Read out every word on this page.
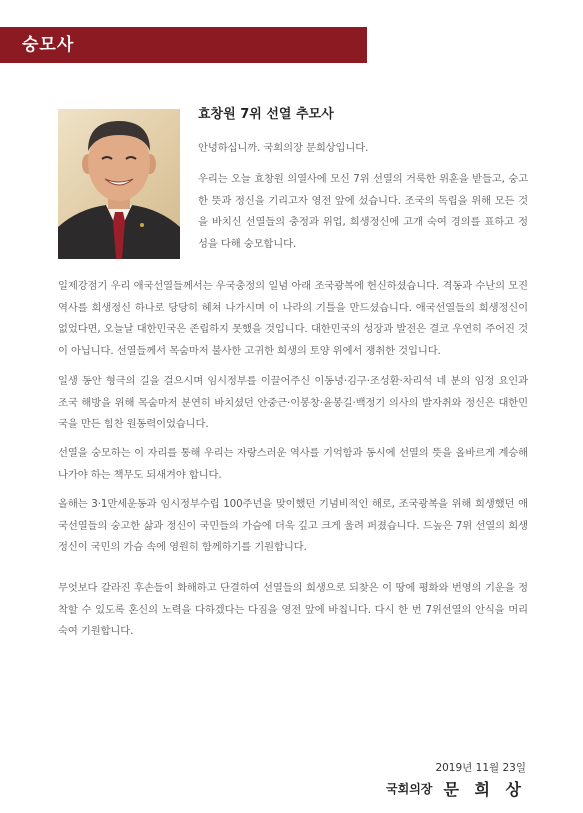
숭모사
효창원 7위 선열 추모사

안녕하십니까. 국회의장 문희상입니다.

우리는 오늘 효창원 의열사에 모신 7위 선열의 거룩한 위훈을 받들고, 숭고한 뜻과 정신을 기리고자 영전 앞에 섰습니다. 조국의 독립을 위해 모든 것을 바치신 선열들의 충정과 위업, 희생정신에 고개 숙여 경의를 표하고 정성을 다해 숭모합니다.

일제강점기 우리 애국선열들께서는 우국충정의 일념 아래 조국광복에 헌신하셨습니다. 격동과 수난의 모진 역사를 희생정신 하나로 당당히 헤쳐 나가시며 이 나라의 기틀을 만드셨습니다. 애국선열들의 희생정신이 없었다면, 오늘날 대한민국은 존립하지 못했을 것입니다. 대한민국의 성장과 발전은 결코 우연히 주어진 것이 아닙니다. 선열들께서 목숨마저 불사한 고귀한 희생의 토양 위에서 쟁취한 것입니다.

일생 동안 형극의 길을 걸으시며 임시정부를 이끌어주신 이동녕·김구·조성환·차리석 네 분의 임정 요인과 조국 해방을 위해 목숨마저 분연히 바치셨던 안중근·이봉창·윤봉길·백정기 의사의 발자취와 정신은 대한민국을 만든 힘찬 원동력이었습니다.

선열을 숭모하는 이 자리를 통해 우리는 자랑스러운 역사를 기억함과 동시에 선열의 뜻을 올바르게 계승해 나가야 하는 책무도 되새겨야 합니다.

올해는 3·1만세운동과 임시정부수립 100주년을 맞이했던 기념비적인 해로, 조국광복을 위해 희생했던 애국선열들의 숭고한 삶과 정신이 국민들의 가슴에 더욱 깊고 크게 울려 퍼졌습니다. 드높은 7위 선열의 희생정신이 국민의 가슴 속에 영원히 함께하기를 기원합니다.

무엇보다 갈라진 후손들이 화해하고 단결하여 선열들의 희생으로 되찾은 이 땅에 평화와 번영의 기운을 정착할 수 있도록 혼신의 노력을 다하겠다는 다짐을 영전 앞에 바칩니다. 다시 한 번 7위선열의 안식을 머리 숙여 기원합니다.

2019년 11월 23일
국회의장 문 희 상
